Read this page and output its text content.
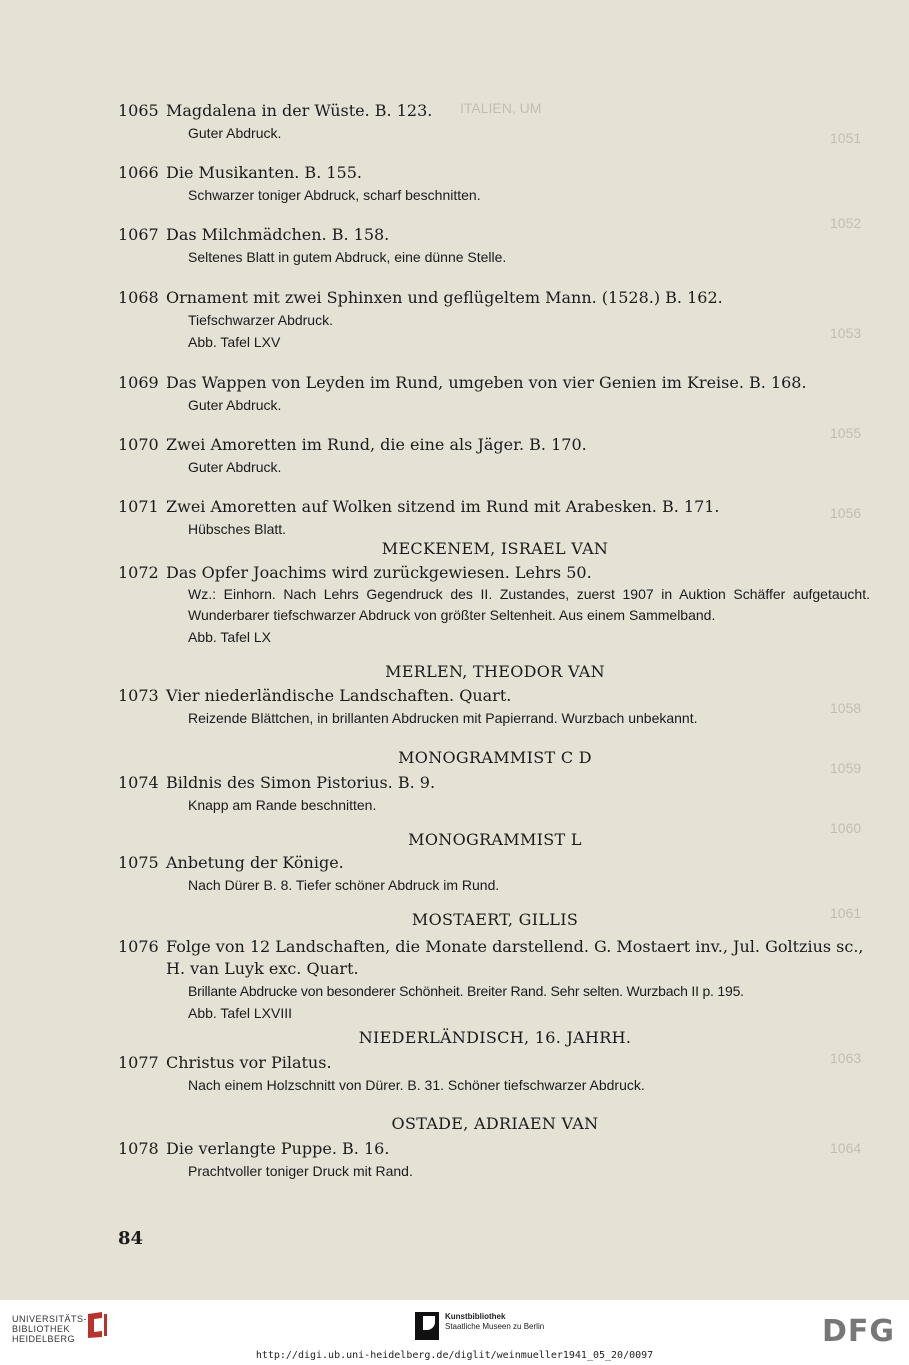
ITALIEN, UM
1051
1052
1053
1055
1056
1058
1059
1060
1061
1063
1064
1065 Magdalena in der Wüste. B. 123.
Guter Abdruck.
1066 Die Musikanten. B. 155.
Schwarzer toniger Abdruck, scharf beschnitten.
1067 Das Milchmädchen. B. 158.
Seltenes Blatt in gutem Abdruck, eine dünne Stelle.
1068 Ornament mit zwei Sphinxen und geflügeltem Mann. (1528.) B. 162.
Tiefschwarzer Abdruck.
Abb. Tafel LXV
1069 Das Wappen von Leyden im Rund, umgeben von vier Genien im Kreise. B. 168.
Guter Abdruck.
1070 Zwei Amoretten im Rund, die eine als Jäger. B. 170.
Guter Abdruck.
1071 Zwei Amoretten auf Wolken sitzend im Rund mit Arabesken. B. 171.
Hübsches Blatt.
MECKENEM, ISRAEL VAN
1072 Das Opfer Joachims wird zurückgewiesen. Lehrs 50.
Wz.: Einhorn. Nach Lehrs Gegendruck des II. Zustandes, zuerst 1907 in Auktion Schäffer aufgetaucht. Wunderbarer tiefschwarzer Abdruck von größter Seltenheit. Aus einem Sammelband.
Abb. Tafel LX
MERLEN, THEODOR VAN
1073 Vier niederländische Landschaften. Quart.
Reizende Blättchen, in brillanten Abdrucken mit Papierrand. Wurzbach unbekannt.
MONOGRAMMIST C D
1074 Bildnis des Simon Pistorius. B. 9.
Knapp am Rande beschnitten.
MONOGRAMMIST L
1075 Anbetung der Könige.
Nach Dürer B. 8. Tiefer schöner Abdruck im Rund.
MOSTAERT, GILLIS
1076 Folge von 12 Landschaften, die Monate darstellend. G. Mostaert inv., Jul. Goltzius sc.,
H. van Luyk exc. Quart.
Brillante Abdrucke von besonderer Schönheit. Breiter Rand. Sehr selten. Wurzbach II p. 195.
Abb. Tafel LXVIII
NIEDERLÄNDISCH, 16. JAHRH.
1077 Christus vor Pilatus.
Nach einem Holzschnitt von Dürer. B. 31. Schöner tiefschwarzer Abdruck.
OSTADE, ADRIAEN VAN
1078 Die verlangte Puppe. B. 16.
Prachtvoller toniger Druck mit Rand.
84
UNIVERSITÄTS-
BIBLIOTHEK
HEIDELBERG
Kunstbibliothek
Staatliche Museen zu Berlin	DFG
http://digi.ub.uni-heidelberg.de/diglit/weinmueller1941_05_20/0097
